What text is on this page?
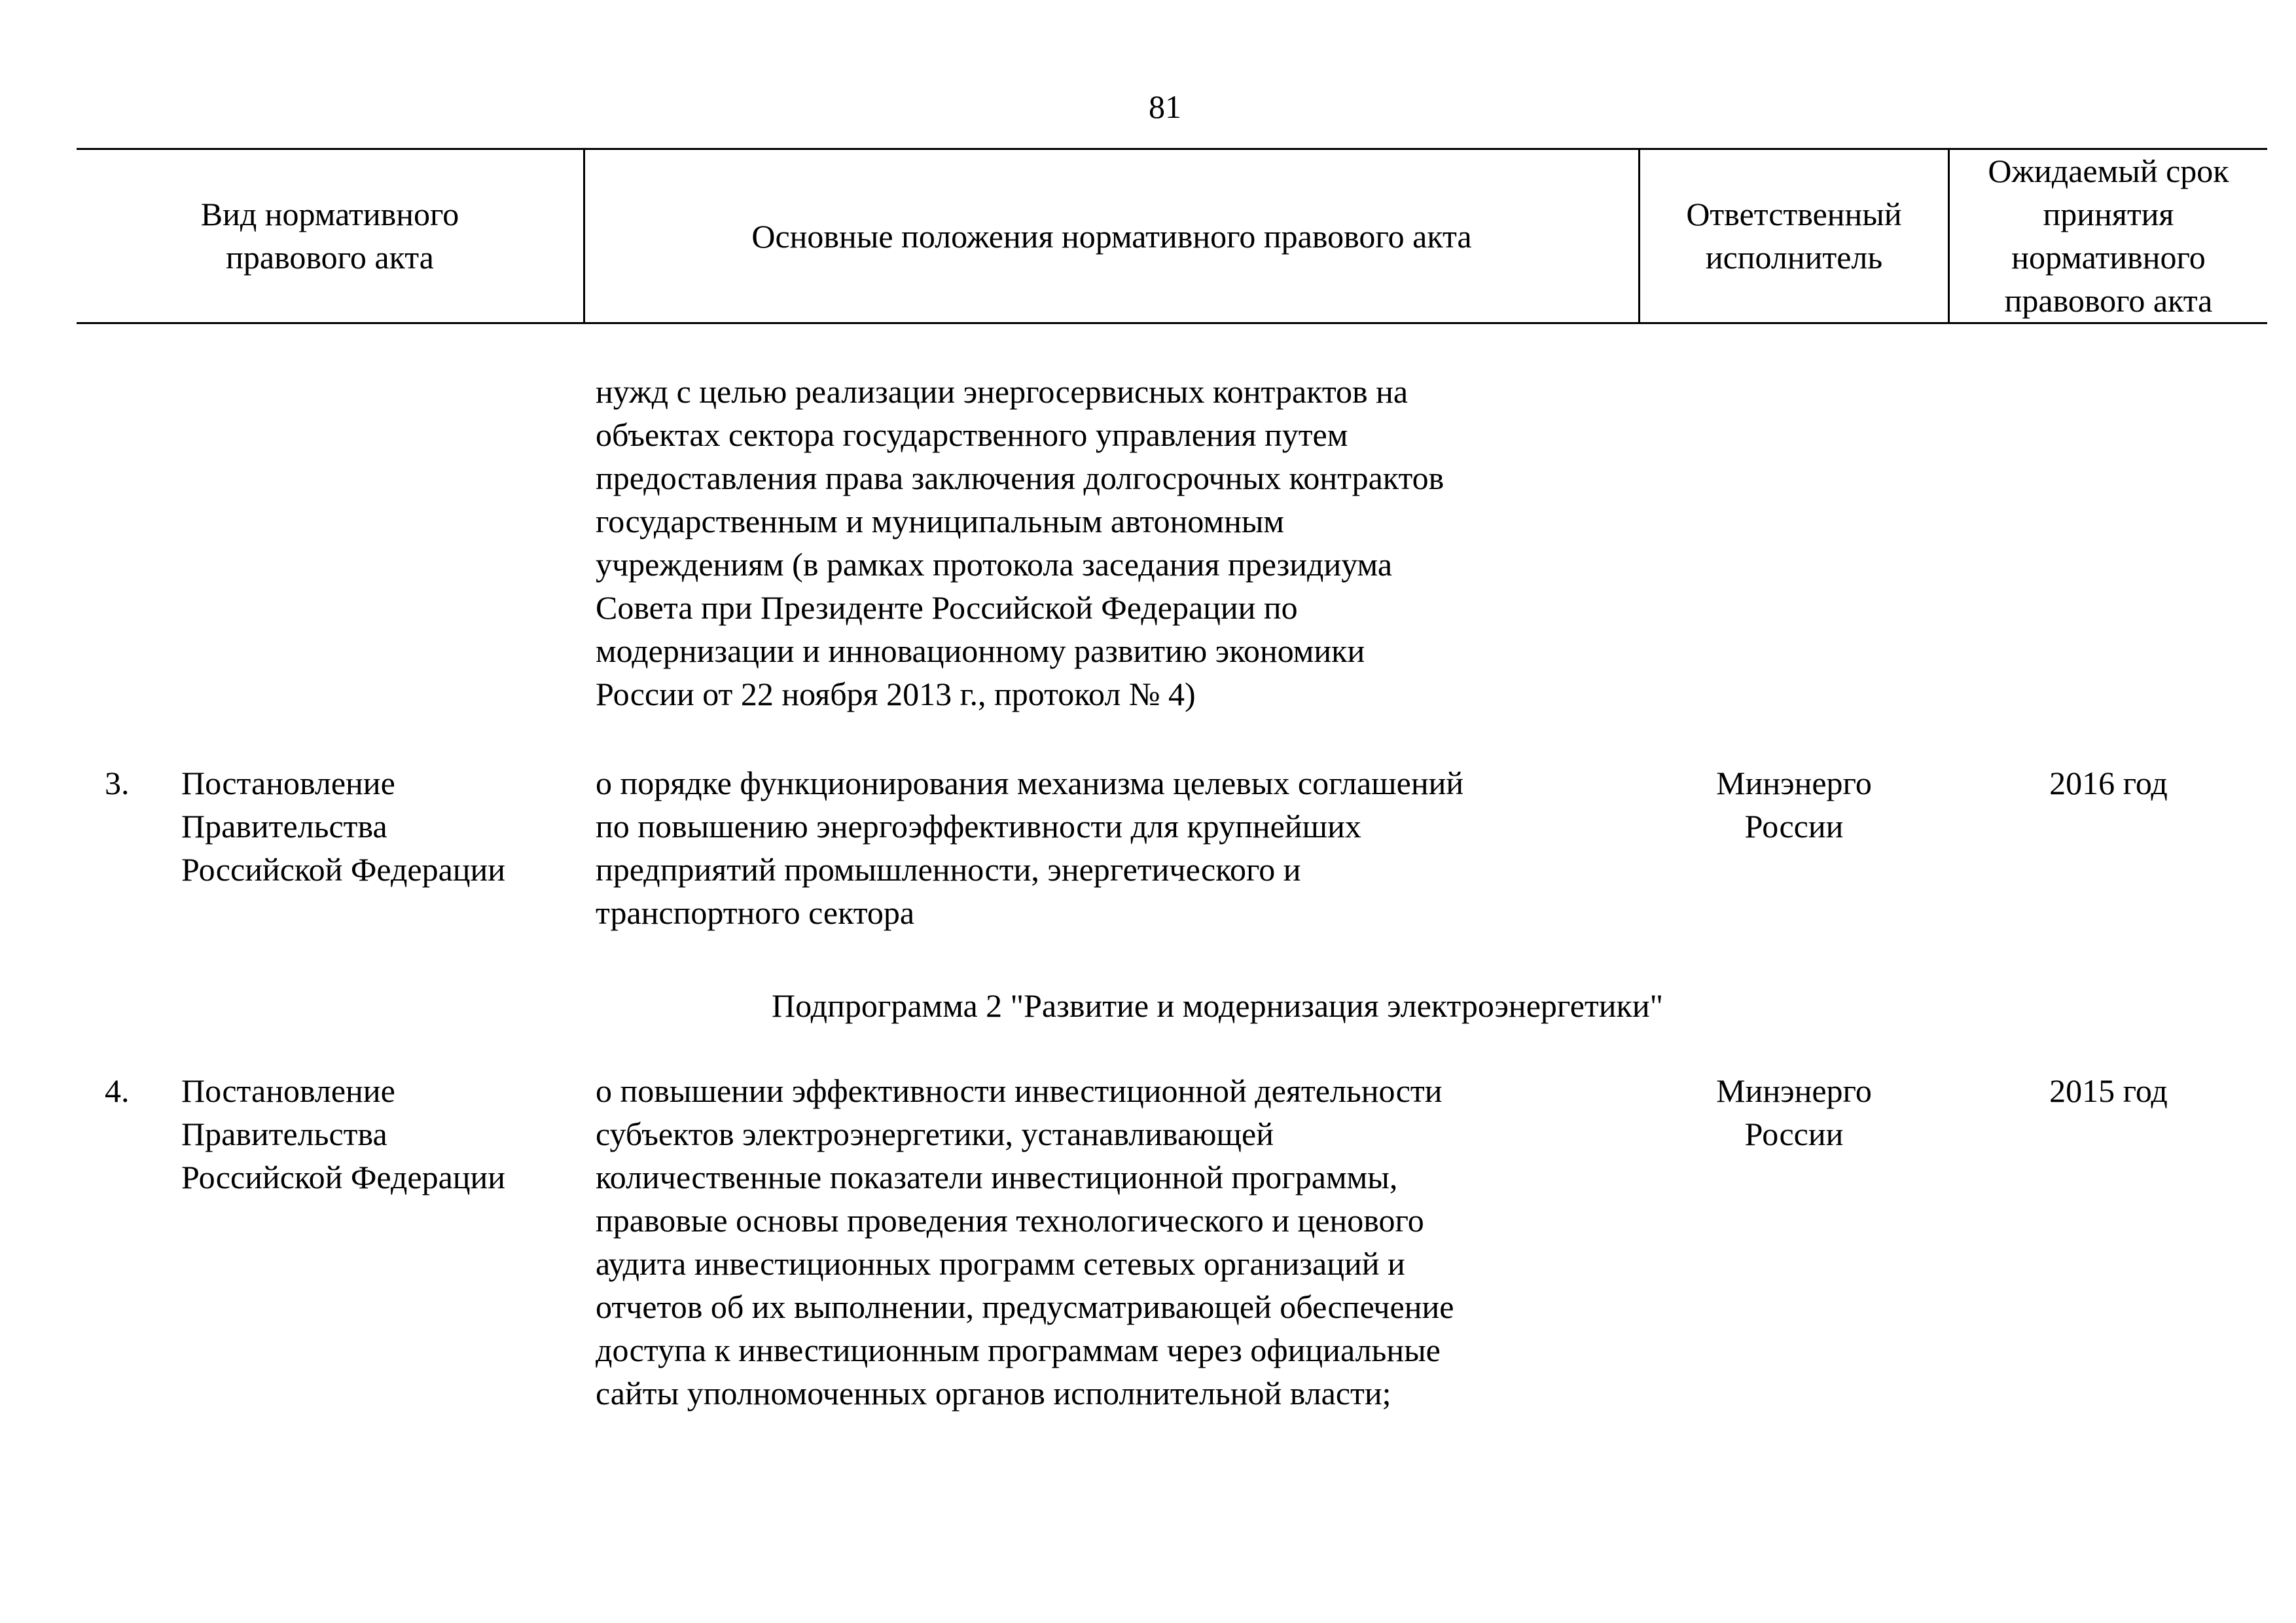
81
Вид нормативного
правового акта
Основные положения нормативного правового акта
Ответственный
исполнитель
Ожидаемый срок
принятия
нормативного
правового акта
нужд с целью реализации энергосервисных контрактов на
объектах сектора государственного управления путем
предоставления права заключения долгосрочных контрактов
государственным и муниципальным автономным
учреждениям (в рамках протокола заседания президиума
Совета при Президенте Российской Федерации по
модернизации и инновационному развитию экономики
России от 22 ноября 2013 г., протокол № 4)
3. Постановление
Правительства
Российской Федерации
о порядке функционирования механизма целевых соглашений
по повышению энергоэффективности для крупнейших
предприятий промышленности, энергетического и
транспортного сектора
Минэнерго
России
2016 год
Подпрограмма 2 "Развитие и модернизация электроэнергетики"
4. Постановление
Правительства
Российской Федерации
о повышении эффективности инвестиционной деятельности
субъектов электроэнергетики, устанавливающей
количественные показатели инвестиционной программы,
правовые основы проведения технологического и ценового
аудита инвестиционных программ сетевых организаций и
отчетов об их выполнении, предусматривающей обеспечение
доступа к инвестиционным программам через официальные
сайты уполномоченных органов исполнительной власти;
Минэнерго
России
2015 год
